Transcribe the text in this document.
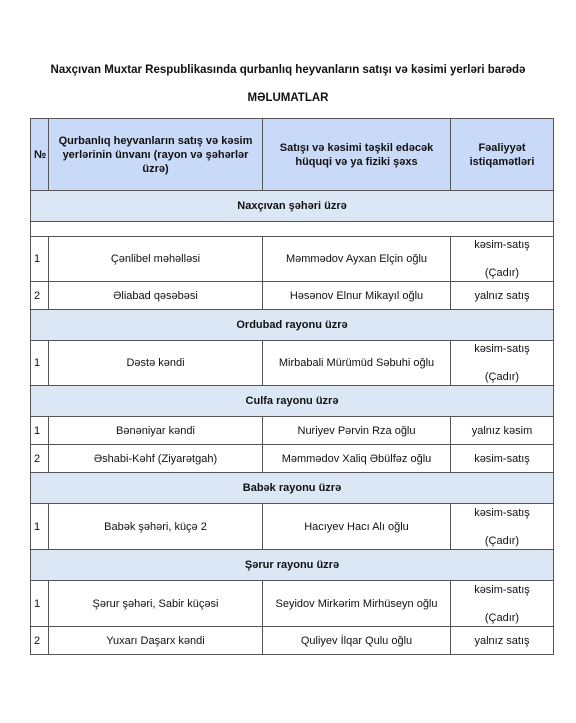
Naxçıvan Muxtar Respublikasında qurbanlıq heyvanların satışı və kəsimi yerləri barədə
MƏLUMATLAR
№	Qurbanlıq heyvanların satış və kəsim yerlərinin ünvanı (rayon və şəhərlər üzrə)	Satışı və kəsimi təşkil edəcək hüquqi və ya fiziki şəxs	Fəaliyyət istiqamətləri
Naxçıvan şəhəri üzrə			

1	Çənlibel məhəlləsi	Məmmədov Ayxan Elçin oğlu	kəsim-satış
(Çadır)

2	Əliabad qəsəbəsi	Həsənov Elnur Mikayıl oğlu	yalnız satış
Ordubad rayonu üzrə			
1	Dəstə kəndi	Mirbabali Mürümüd Səbuhi oğlu	kəsim-satış
(Çadır)

Culfa rayonu üzrə			
1	Bənəniyar kəndi	Nuriyev Pərvin Rza oğlu	yalnız kəsim
2	Əshabi-Kəhf (Ziyarətgah)	Məmmədov Xaliq Əbülfəz oğlu	kəsim-satış
Babək rayonu üzrə			
1	Babək şəhəri, küçə 2	Hacıyev Hacı Alı oğlu	kəsim-satış
(Çadır)

Şərur rayonu üzrə			
1	Şərur şəhəri, Sabir küçəsi	Seyidov Mirkərim Mirhüseyn oğlu	kəsim-satış
(Çadır)

2	Yuxarı Daşarx kəndi	Quliyev İlqar Qulu oğlu	yalnız satış
